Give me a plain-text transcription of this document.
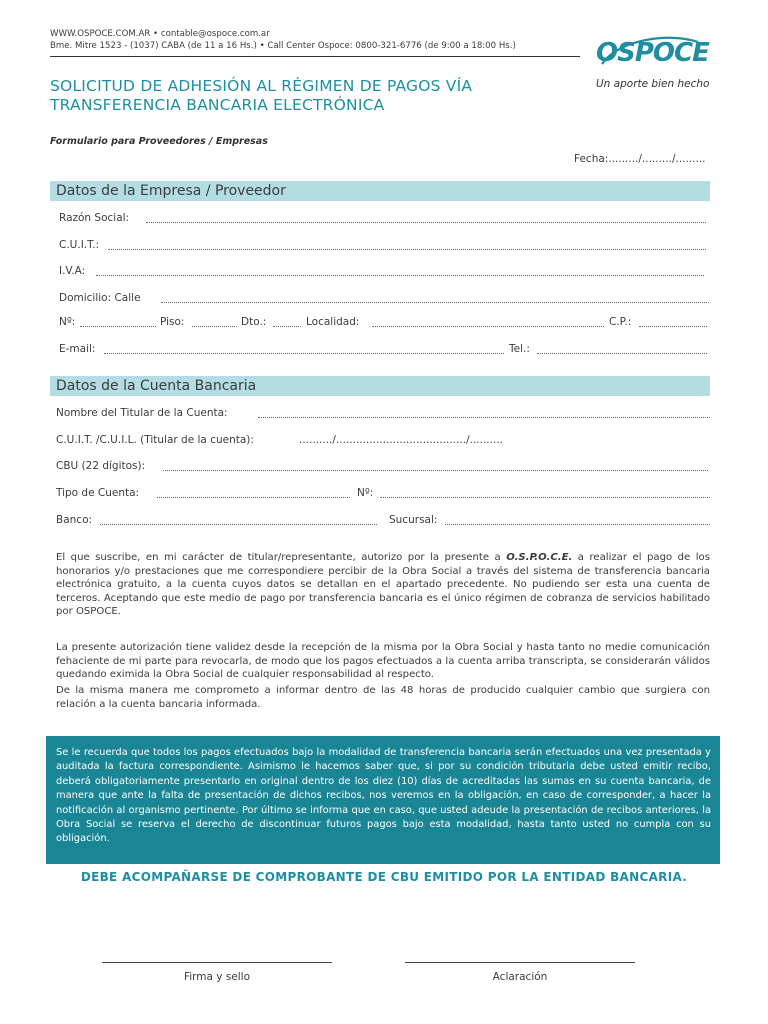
WWW.OSPOCE.COM.AR • contable@ospoce.com.ar
Bme. Mitre 1523 - (1037) CABA (de 11 a 16 Hs.) • Call Center Ospoce: 0800-321-6776 (de 9:00 a 18:00 Hs.)	OSPOCE
Un aporte bien hecho
SOLICITUD DE ADHESIÓN AL RÉGIMEN DE PAGOS VÍA
TRANSFERENCIA BANCARIA ELECTRÓNICA
Formulario para Proveedores / Empresas
Fecha:........./........./.........
Datos de la Empresa / Proveedor
Razón Social:
C.U.I.T.:
I.V.A:
Domicilio: Calle
Nº:	Piso:	Dto.:	Localidad:	C.P.:
E-mail:	Tel.:
Datos de la Cuenta Bancaria
Nombre del Titular de la Cuenta:
C.U.I.T. /C.U.I.L. (Titular de la cuenta):	........../......................................./..........
CBU (22 dígitos):
Tipo de Cuenta:	Nº:
Banco:	Sucursal:

El que suscribe, en mi carácter de titular/representante, autorizo por la presente a O.S.P.O.C.E. a realizar el pago de los honorarios y/o prestaciones que me correspondiere percibir de la Obra Social a través del sistema de transferencia bancaria electrónica gratuito, a la cuenta cuyos datos se detallan en el apartado precedente. No pudiendo ser esta una cuenta de terceros. Aceptando que este medio de pago por transferencia bancaria es el único régimen de cobranza de servicios habilitado por OSPOCE.

La presente autorización tiene validez desde la recepción de la misma por la Obra Social y hasta tanto no medie comunicación fehaciente de mi parte para revocarla, de modo que los pagos efectuados a la cuenta arriba transcripta, se considerarán válidos quedando eximida la Obra Social de cualquier responsabilidad al respecto.

De la misma manera me comprometo a informar dentro de las 48 horas de producido cualquier cambio que surgiera con relación a la cuenta bancaria informada.

Se le recuerda que todos los pagos efectuados bajo la modalidad de transferencia bancaria serán efectuados una vez presentada y auditada la factura correspondiente. Asimismo le hacemos saber que, si por su condición tributaria debe usted emitir recibo, deberá obligatoriamente presentarlo en original dentro de los diez (10) días de acreditadas las sumas en su cuenta bancaria, de manera que ante la falta de presentación de dichos recibos, nos veremos en la obligación, en caso de corresponder, a hacer la notificación al organismo pertinente. Por último se informa que en caso, que usted adeude la presentación de recibos anteriores, la Obra Social se reserva el derecho de discontinuar futuros pagos bajo esta modalidad, hasta tanto usted no cumpla con su obligación.
DEBE ACOMPAÑARSE DE COMPROBANTE DE CBU EMITIDO POR LA ENTIDAD BANCARIA.
Firma y sello	Aclaración
